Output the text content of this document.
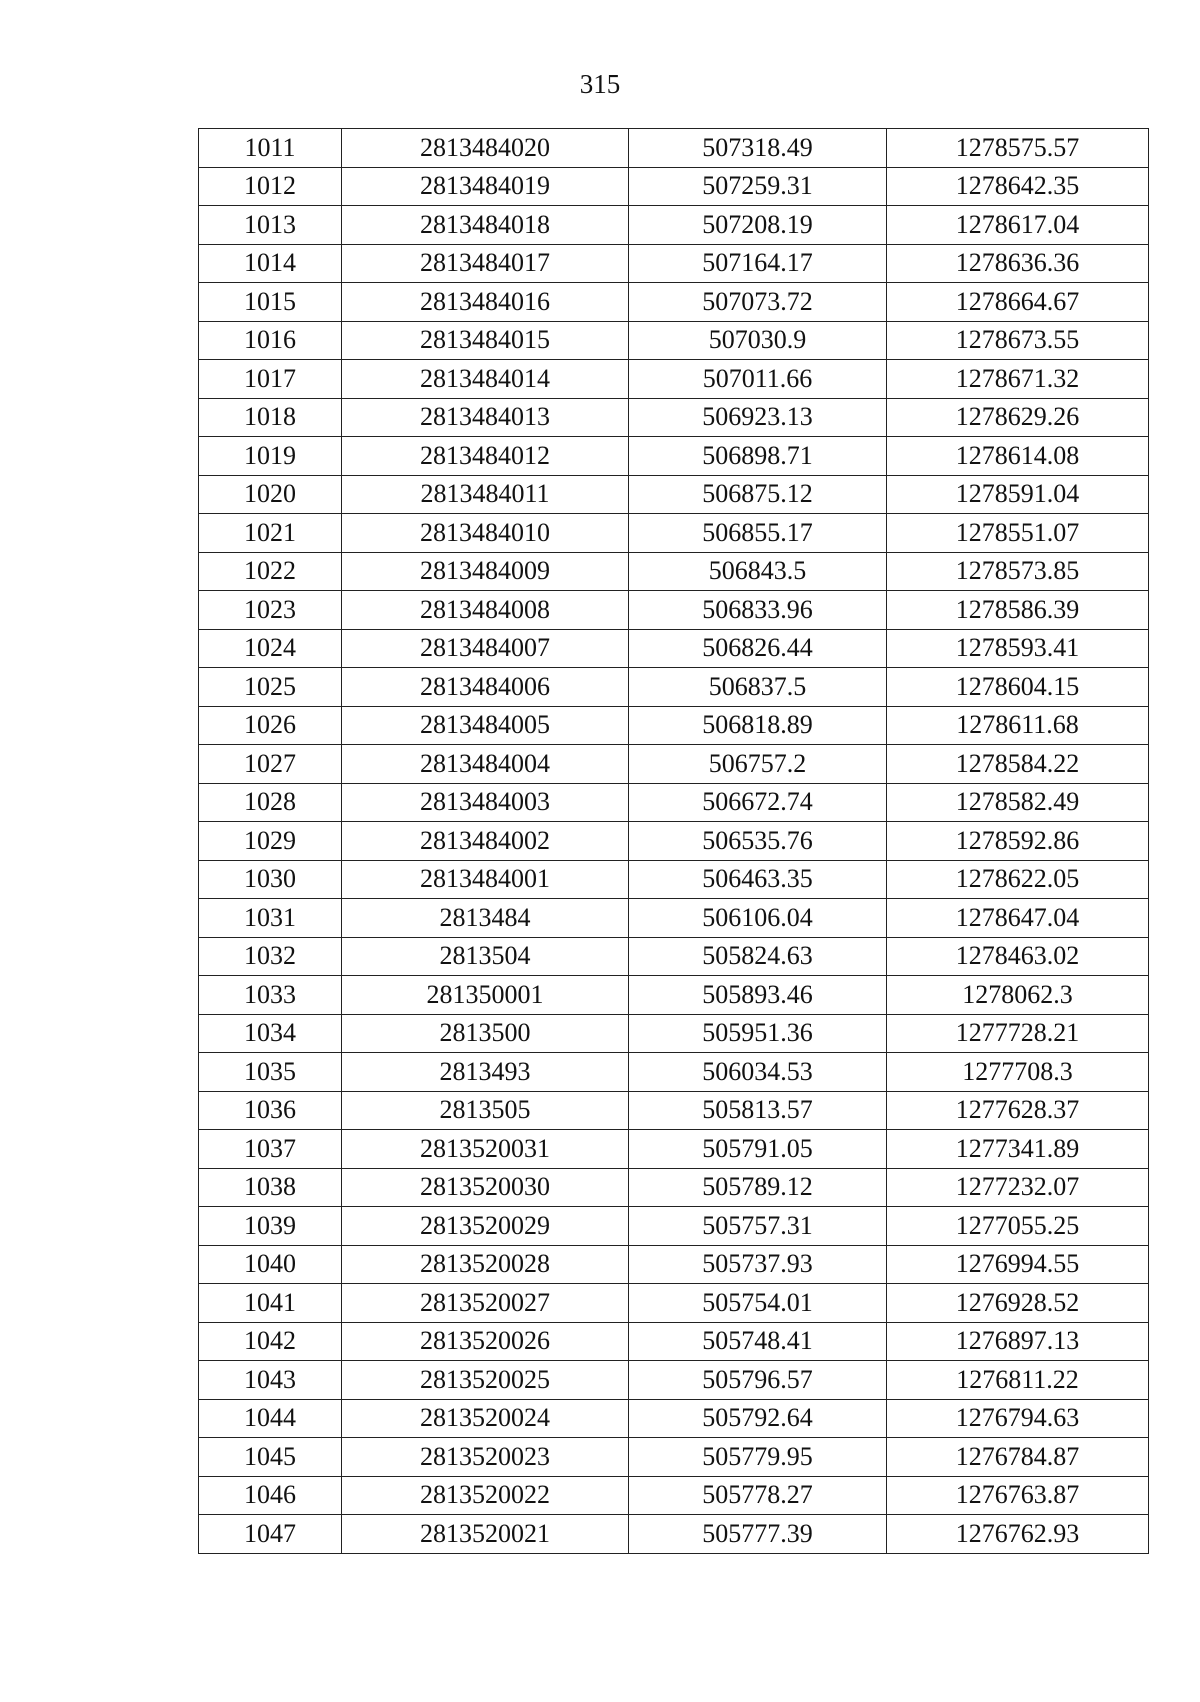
315
1011	2813484020	507318.49	1278575.57
1012	2813484019	507259.31	1278642.35
1013	2813484018	507208.19	1278617.04
1014	2813484017	507164.17	1278636.36
1015	2813484016	507073.72	1278664.67
1016	2813484015	507030.9	1278673.55
1017	2813484014	507011.66	1278671.32
1018	2813484013	506923.13	1278629.26
1019	2813484012	506898.71	1278614.08
1020	2813484011	506875.12	1278591.04
1021	2813484010	506855.17	1278551.07
1022	2813484009	506843.5	1278573.85
1023	2813484008	506833.96	1278586.39
1024	2813484007	506826.44	1278593.41
1025	2813484006	506837.5	1278604.15
1026	2813484005	506818.89	1278611.68
1027	2813484004	506757.2	1278584.22
1028	2813484003	506672.74	1278582.49
1029	2813484002	506535.76	1278592.86
1030	2813484001	506463.35	1278622.05
1031	2813484	506106.04	1278647.04
1032	2813504	505824.63	1278463.02
1033	281350001	505893.46	1278062.3
1034	2813500	505951.36	1277728.21
1035	2813493	506034.53	1277708.3
1036	2813505	505813.57	1277628.37
1037	2813520031	505791.05	1277341.89
1038	2813520030	505789.12	1277232.07
1039	2813520029	505757.31	1277055.25
1040	2813520028	505737.93	1276994.55
1041	2813520027	505754.01	1276928.52
1042	2813520026	505748.41	1276897.13
1043	2813520025	505796.57	1276811.22
1044	2813520024	505792.64	1276794.63
1045	2813520023	505779.95	1276784.87
1046	2813520022	505778.27	1276763.87
1047	2813520021	505777.39	1276762.93
